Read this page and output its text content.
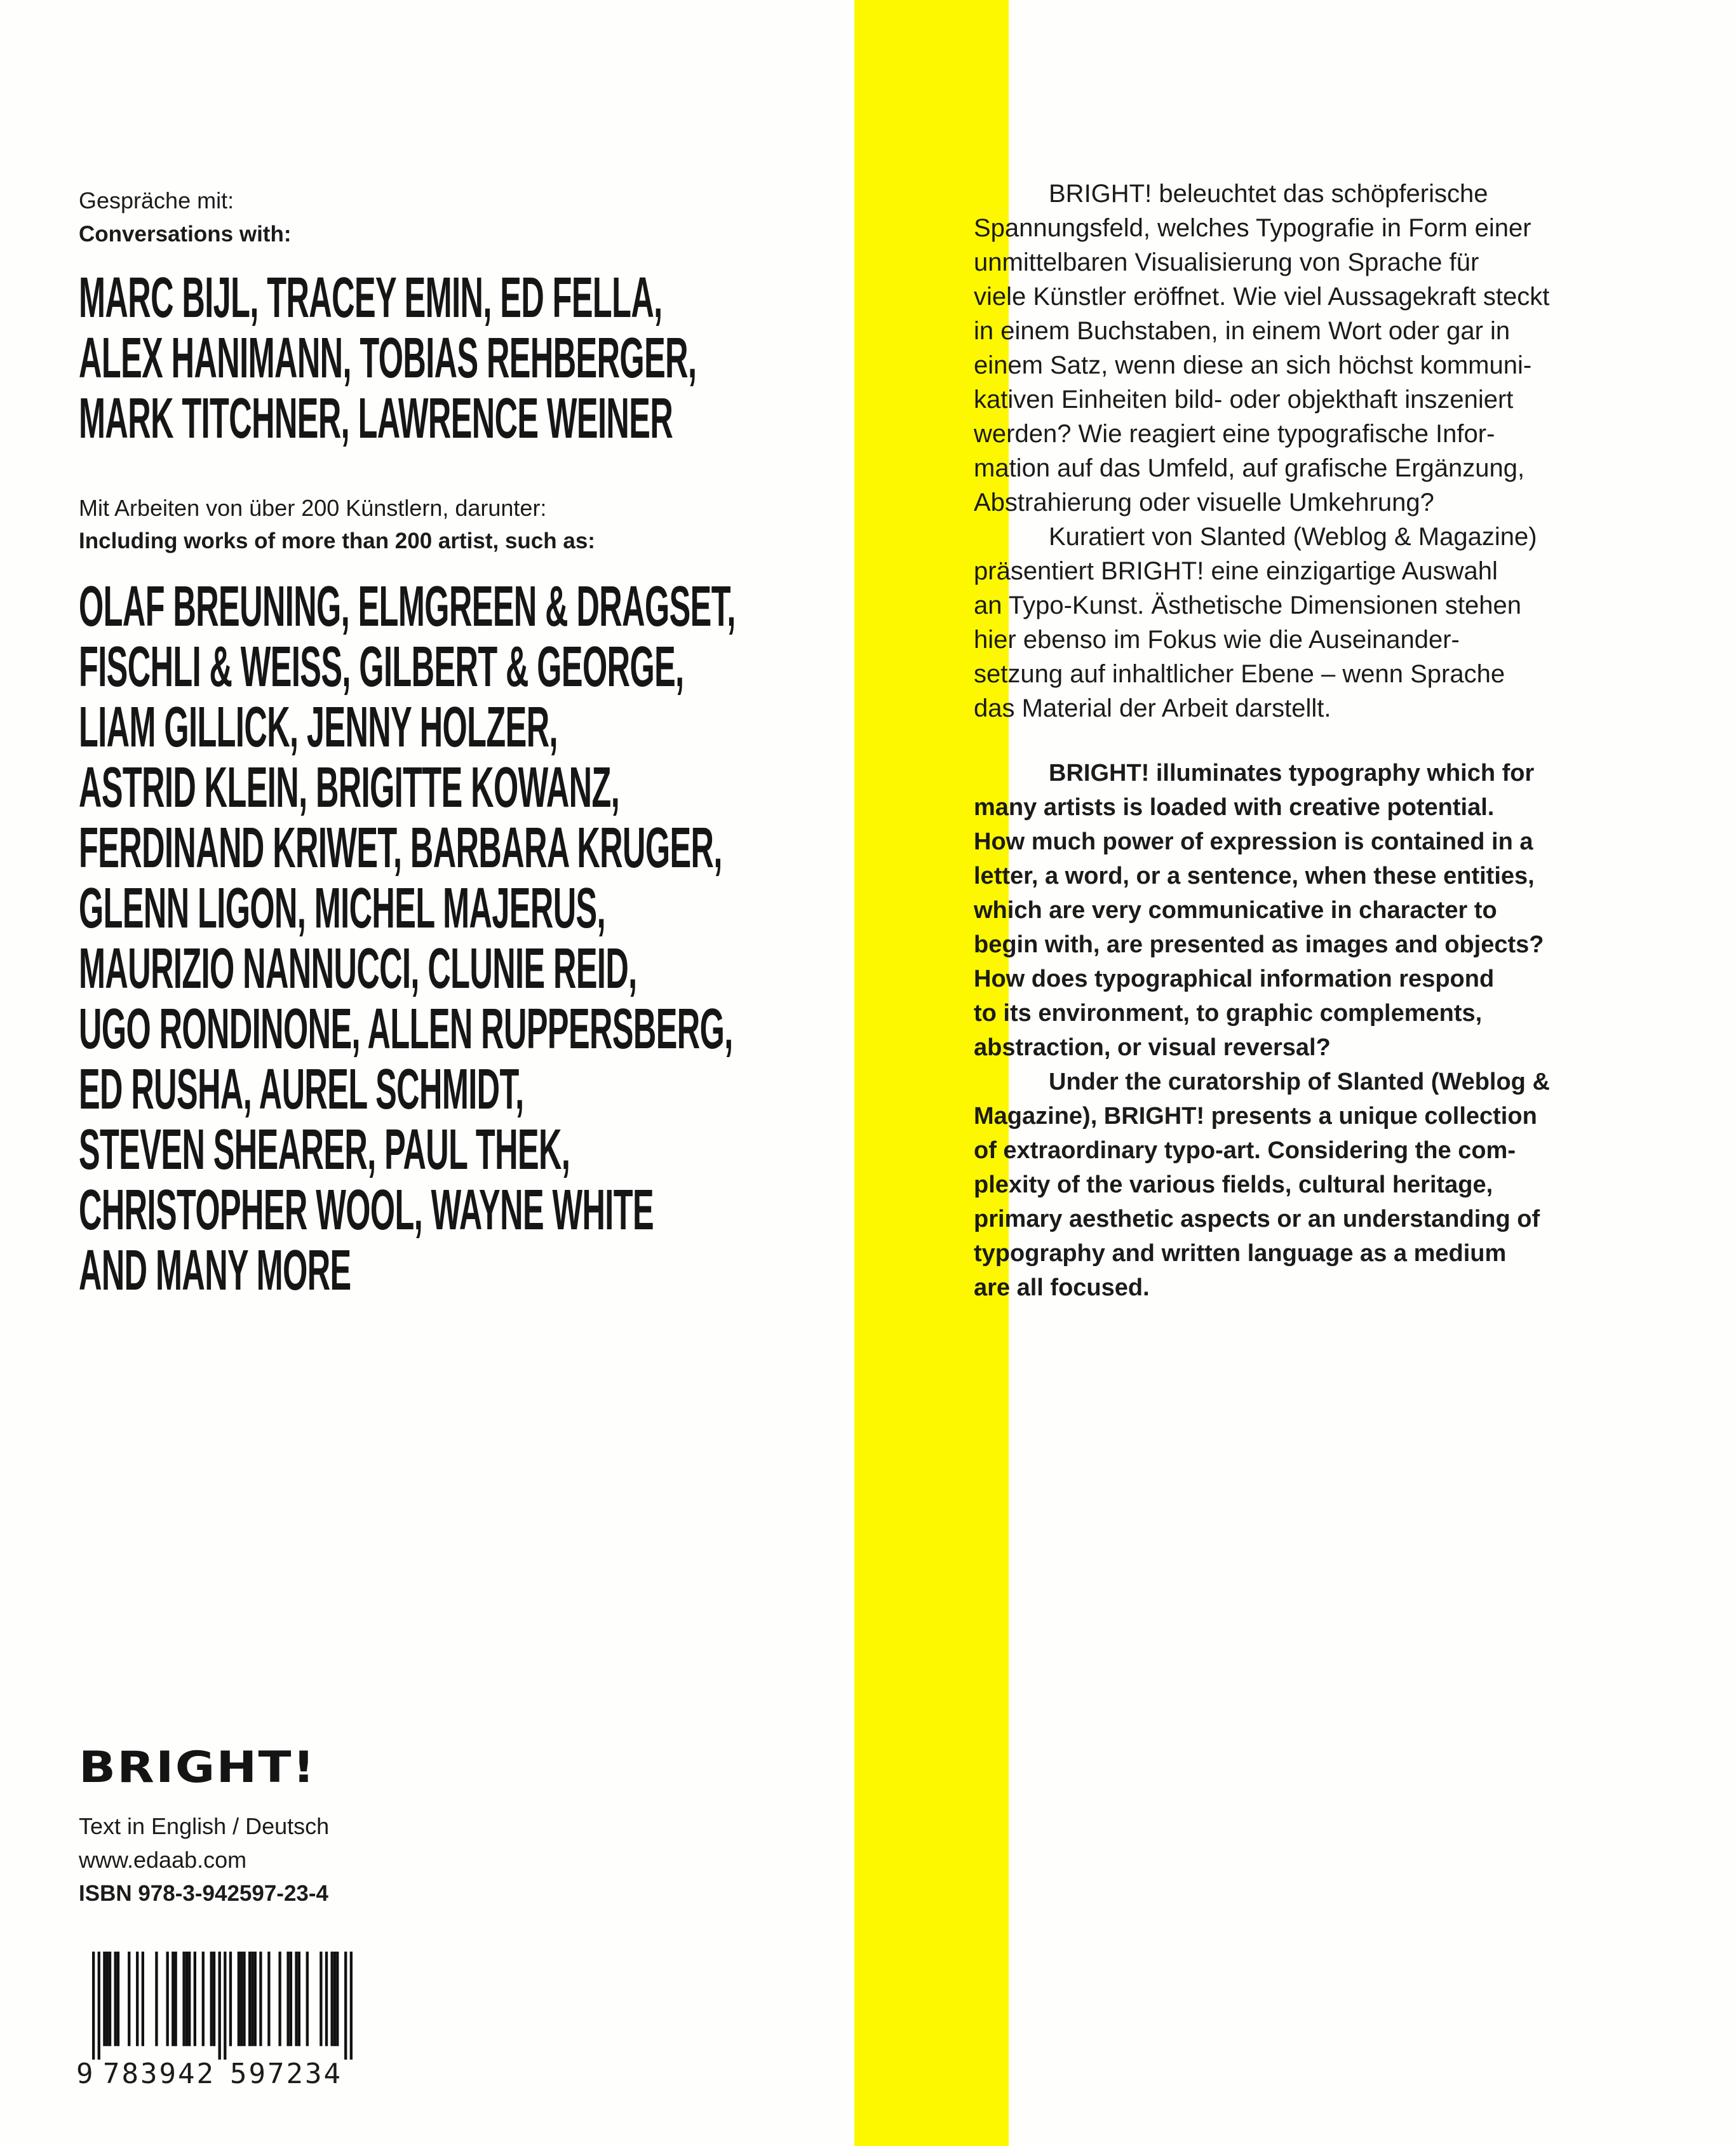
Gespräche mit:
Conversations with:
MARC BIJL, TRACEY EMIN, ED FELLA,
ALEX HANIMANN, TOBIAS REHBERGER,
MARK TITCHNER, LAWRENCE WEINER
Mit Arbeiten von über 200 Künstlern, darunter:
Including works of more than 200 artist, such as:
OLAF BREUNING, ELMGREEN & DRAGSET,
FISCHLI & WEISS, GILBERT & GEORGE,
LIAM GILLICK, JENNY HOLZER,
ASTRID KLEIN, BRIGITTE KOWANZ,
FERDINAND KRIWET, BARBARA KRUGER,
GLENN LIGON, MICHEL MAJERUS,
MAURIZIO NANNUCCI, CLUNIE REID,
UGO RONDINONE, ALLEN RUPPERSBERG,
ED RUSHA, AUREL SCHMIDT,
STEVEN SHEARER, PAUL THEK,
CHRISTOPHER WOOL, WAYNE WHITE
AND MANY MORE
BRIGHT! beleuchtet das schöpferische
Spannungsfeld, welches Typografie in Form einer
unmittelbaren Visualisierung von Sprache für
viele Künstler eröffnet. Wie viel Aussagekraft steckt
in einem Buchstaben, in einem Wort oder gar in
einem Satz, wenn diese an sich höchst kommuni-
kativen Einheiten bild- oder objekthaft inszeniert
werden? Wie reagiert eine typografische Infor-
mation auf das Umfeld, auf grafische Ergänzung,
Abstrahierung oder visuelle Umkehrung?
Kuratiert von Slanted (Weblog & Magazine)
präsentiert BRIGHT! eine einzigartige Auswahl
an Typo-Kunst. Ästhetische Dimensionen stehen
hier ebenso im Fokus wie die Auseinander-
setzung auf inhaltlicher Ebene – wenn Sprache
das Material der Arbeit darstellt.
BRIGHT! illuminates typography which for
many artists is loaded with creative potential.
How much power of expression is contained in a
letter, a word, or a sentence, when these entities,
which are very communicative in character to
begin with, are presented as images and objects?
How does typographical information respond
to its environment, to graphic complements,
abstraction, or visual reversal?
Under the curatorship of Slanted (Weblog &
Magazine), BRIGHT! presents a unique collection
of extraordinary typo-art. Considering the com-
plexity of the various fields, cultural heritage,
primary aesthetic aspects or an understanding of
typography and written language as a medium
are all focused.
BRIGHT!
Text in English / Deutsch
www.edaab.com
ISBN 978-3-942597-23-4
9 783942 597234
